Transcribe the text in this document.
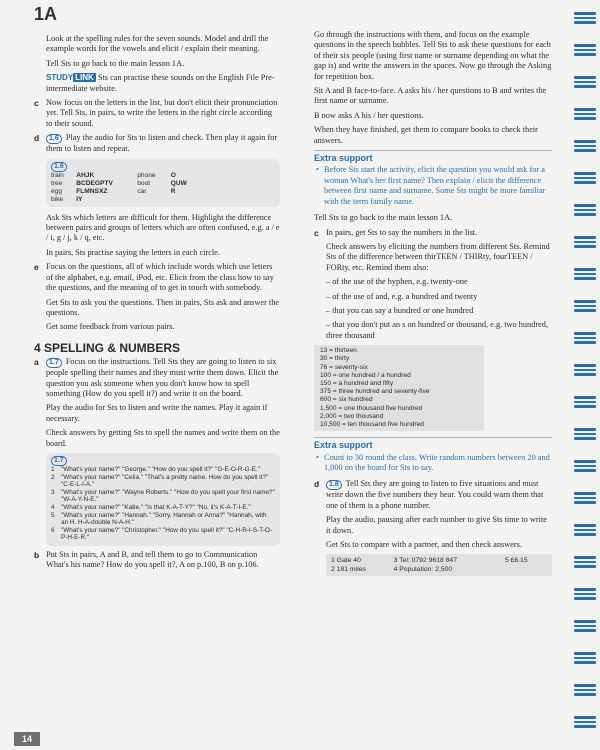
1A

Look at the spelling rules for the seven sounds. Model and drill the example words for the vowels and elicit / explain their meaning.

Tell Sts to go back to the main lesson 1A.

STUDY LINK Sts can practise these sounds on the English File Pre-intermediate website.

c Now focus on the letters in the list, but don't elicit their pronunciation yet. Tell Sts, in pairs, to write the letters in the right circle according to their sound.
d 1.6 Play the audio for Sts to listen and check. Then play it again for them to listen and repeat.
1.6
train	AHJK	phone	O
tree	BCDEGPTV	boot	QUW
egg	FLMNSXZ	car	R
bike	IY		

Ask Sts which letters are difficult for them. Highlight the difference between pairs and groups of letters which are often confused, e.g. a / e / i, g / j, k / q, etc.

In pairs, Sts practise saying the letters in each circle.

e Focus on the questions, all of which include words which use letters of the alphabet, e.g. email, iPod, etc. Elicit from the class how to say the questions, and the meaning of to get in touch with somebody.

Get Sts to ask you the questions. Then in pairs, Sts ask and answer the questions.

Get some feedback from various pairs.

4 SPELLING & NUMBERS
a 1.7 Focus on the instructions. Tell Sts they are going to listen to six people spelling their names and they must write them down. Elicit the question you ask someone when you don't know how to spell something (How do you spell it?) and write it on the board.

Play the audio for Sts to listen and write the names. Play it again if necessary.

Check answers by getting Sts to spell the names and write them on the board.

1.7
1 "What's your name?" "George." "How do you spell it?" "G-E-O-R-G-E."
2 "What's your name?" "Celia." "That's a pretty name. How do you spell it?" "C-E-L-I-A."
3 "What's your name?" "Wayne Roberts." "How do you spell your first name?" "W-A-Y-N-E."
4 "What's your name?" "Katie." "Is that K-A-T-Y?" "No, it's K-A-T-I-E."
5 "What's your name?" "Hannah." "Sorry, Hannah or Anna?" "Hannah, with an H. H-A-double N-A-H."
6 "What's your name?" "Christopher." "How do you spell it?" "C-H-R-I-S-T-O-P-H-E-R."
b Put Sts in pairs, A and B, and tell them to go to Communication What's his name? How do you spell it?, A on p.100, B on p.106.

Go through the instructions with them, and focus on the example questions in the speech bubbles. Tell Sts to ask these questions for each of their six people (using first name or surname depending on what the gap is) and write the answers in the spaces. Now go through the Asking for repetition box.

Sit A and B face-to-face. A asks his / her questions to B and writes the first name or surname.

B now asks A his / her questions.

When they have finished, get them to compare books to check their answers.

Extra support
• Before Sts start the activity, elicit the question you would ask for a woman What's her first name? Then explain / elicit the difference between first name and surname. Some Sts might be more familiar with the term family name.

Tell Sts to go back to the main lesson 1A.

c In pairs, get Sts to say the numbers in the list.

Check answers by eliciting the numbers from different Sts. Remind Sts of the difference between thirTEEN / THIRty, fourTEEN / FORty, etc. Remind them also:

– of the use of the hyphen, e.g. twenty-one

– of the use of and, e.g. a hundred and twenty

– that you can say a hundred or one hundred

– that you don't put an s on hundred or thousand, e.g. two hundred, three thousand

13 = thirteen
30 = thirty
76 = seventy-six
100 = one hundred / a hundred
150 = a hundred and fifty
375 = three hundred and seventy-five
600 = six hundred
1,500 = one thousand five hundred
2,000 = two thousand
10,500 = ten thousand five hundred
Extra support
• Count to 30 round the class. Write random numbers between 20 and 1,000 on the board for Sts to say.
d 1.8 Tell Sts they are going to listen to five situations and must write down the five numbers they hear. You could warn them that one of them is a phone number.

Play the audio, pausing after each number to give Sts time to write it down.

Get Sts to compare with a partner, and then check answers.

1 Gate 40	3 Tel: 0792 9618 847	5 £6.15
2 181 miles	4 Population: 2,500	
14
